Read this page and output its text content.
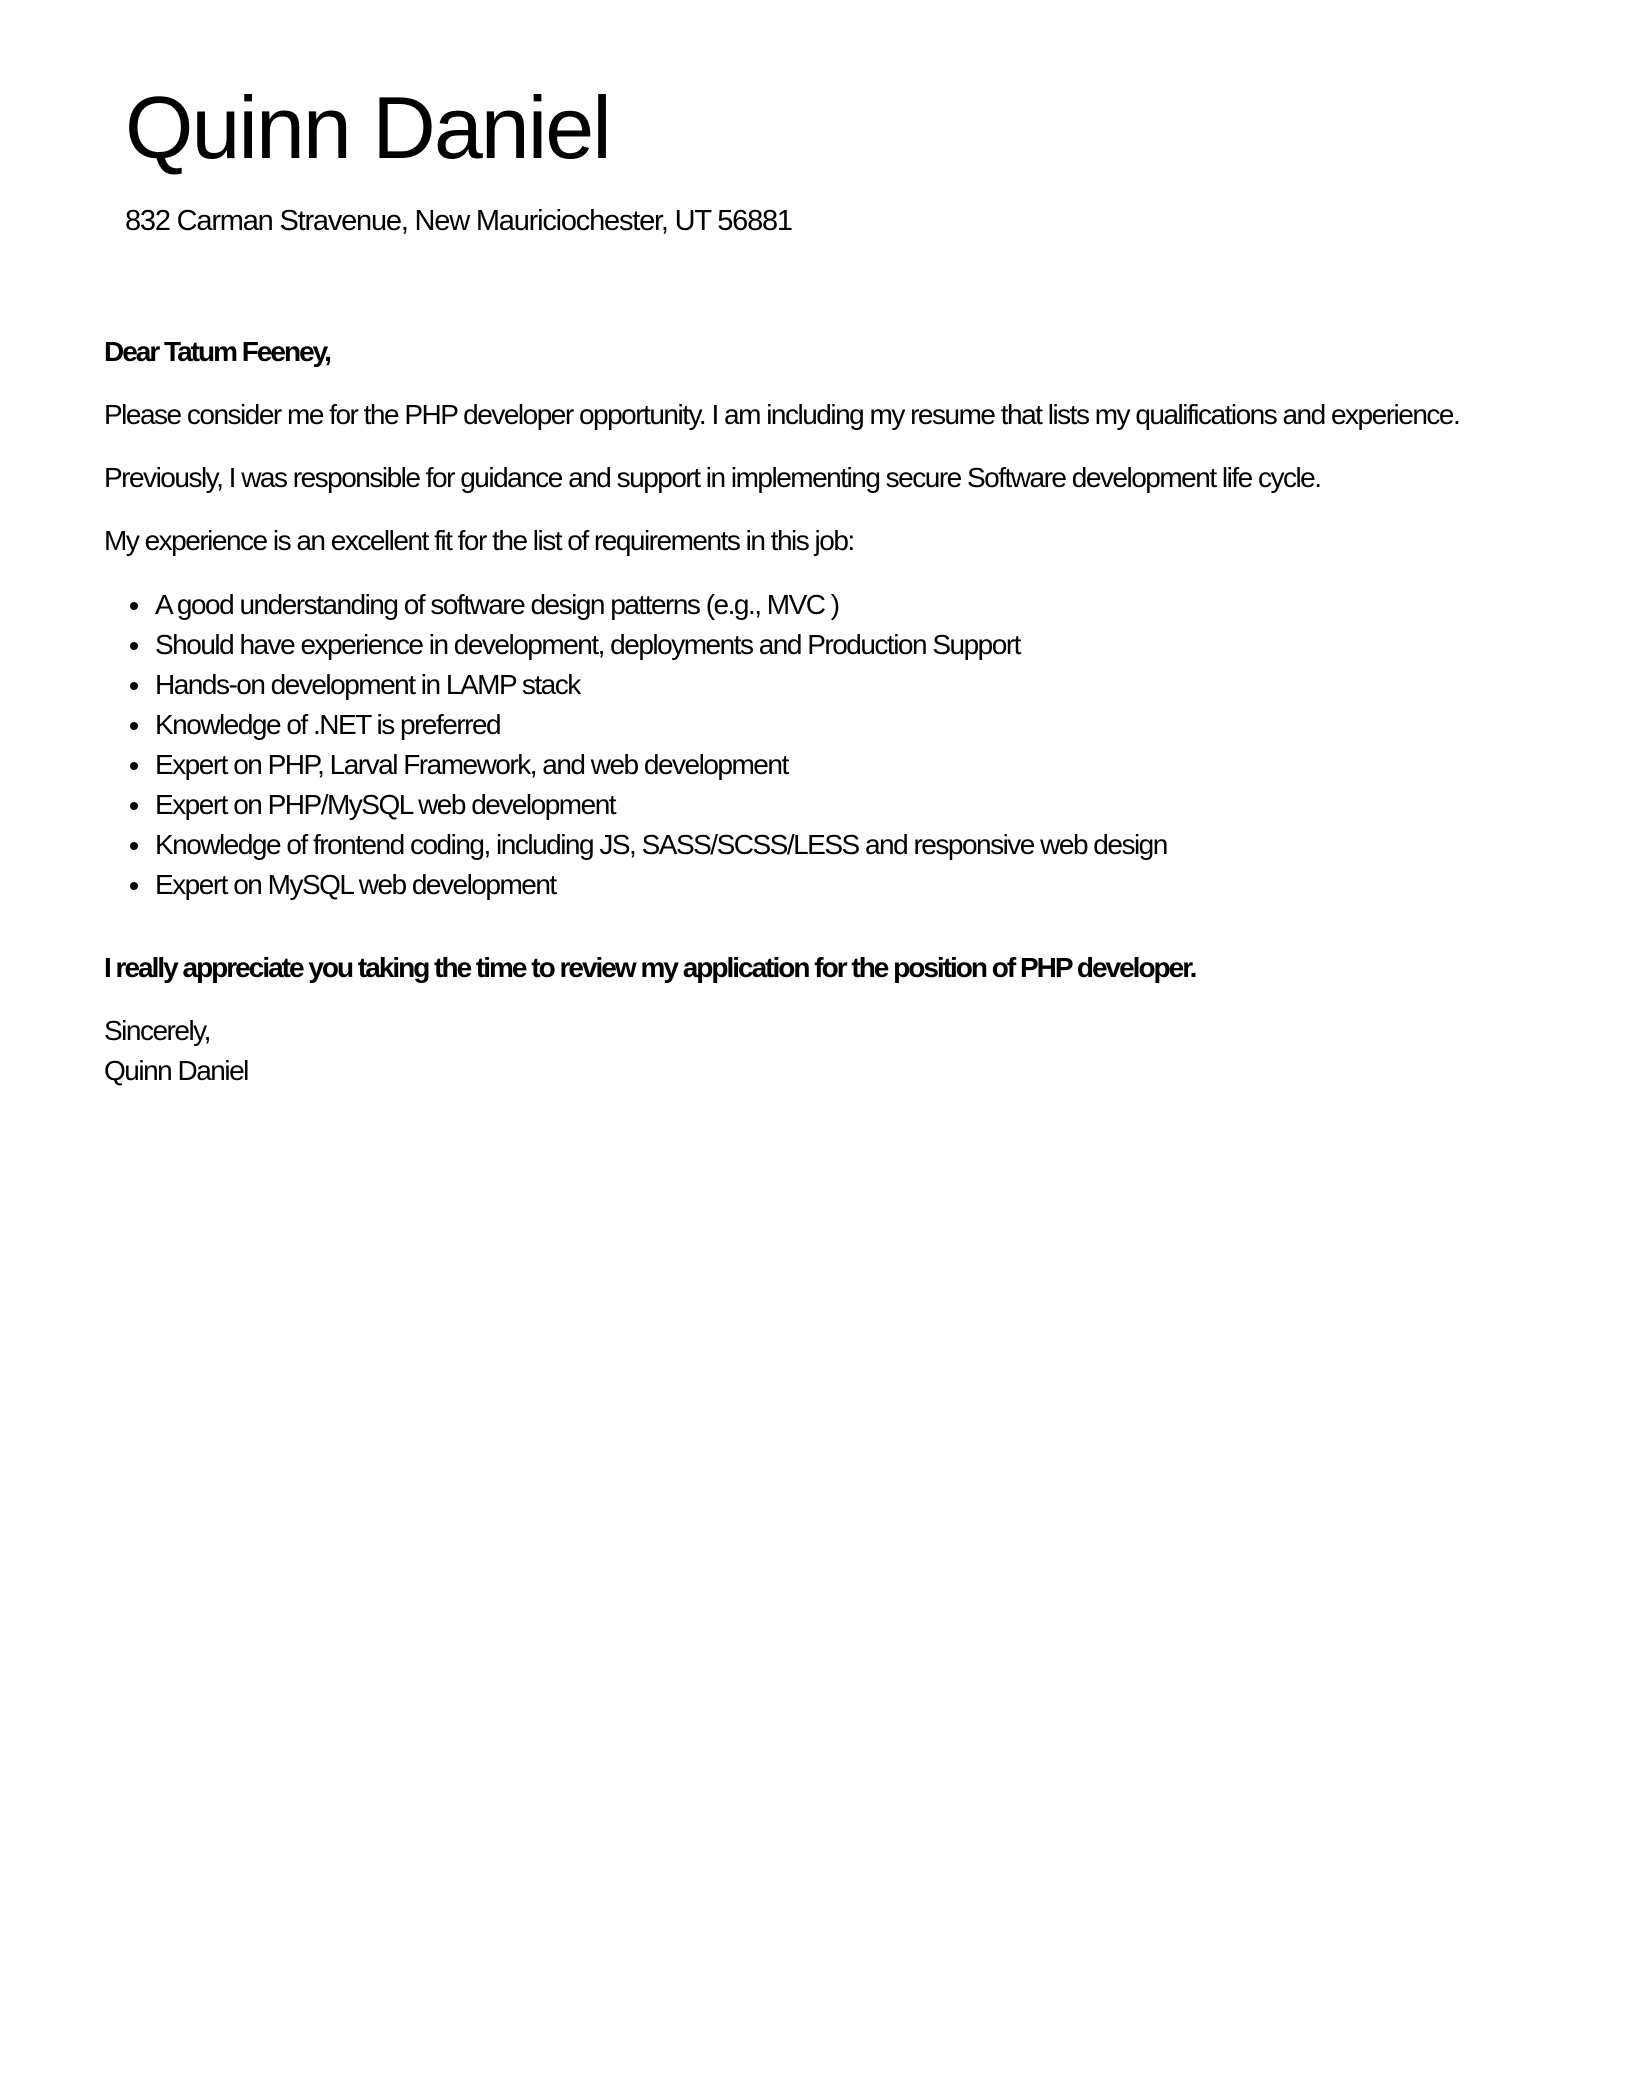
Quinn Daniel
832 Carman Stravenue, New Mauriciochester, UT 56881

Dear Tatum Feeney,

Please consider me for the PHP developer opportunity. I am including my resume that lists my qualifications and experience.

Previously, I was responsible for guidance and support in implementing secure Software development life cycle.

My experience is an excellent fit for the list of requirements in this job:

• A good understanding of software design patterns (e.g., MVC )
• Should have experience in development, deployments and Production Support
• Hands-on development in LAMP stack
• Knowledge of .NET is preferred
• Expert on PHP, Larval Framework, and web development
• Expert on PHP/MySQL web development
• Knowledge of frontend coding, including JS, SASS/SCSS/LESS and responsive web design
• Expert on MySQL web development

I really appreciate you taking the time to review my application for the position of PHP developer.

Sincerely,

Quinn Daniel
